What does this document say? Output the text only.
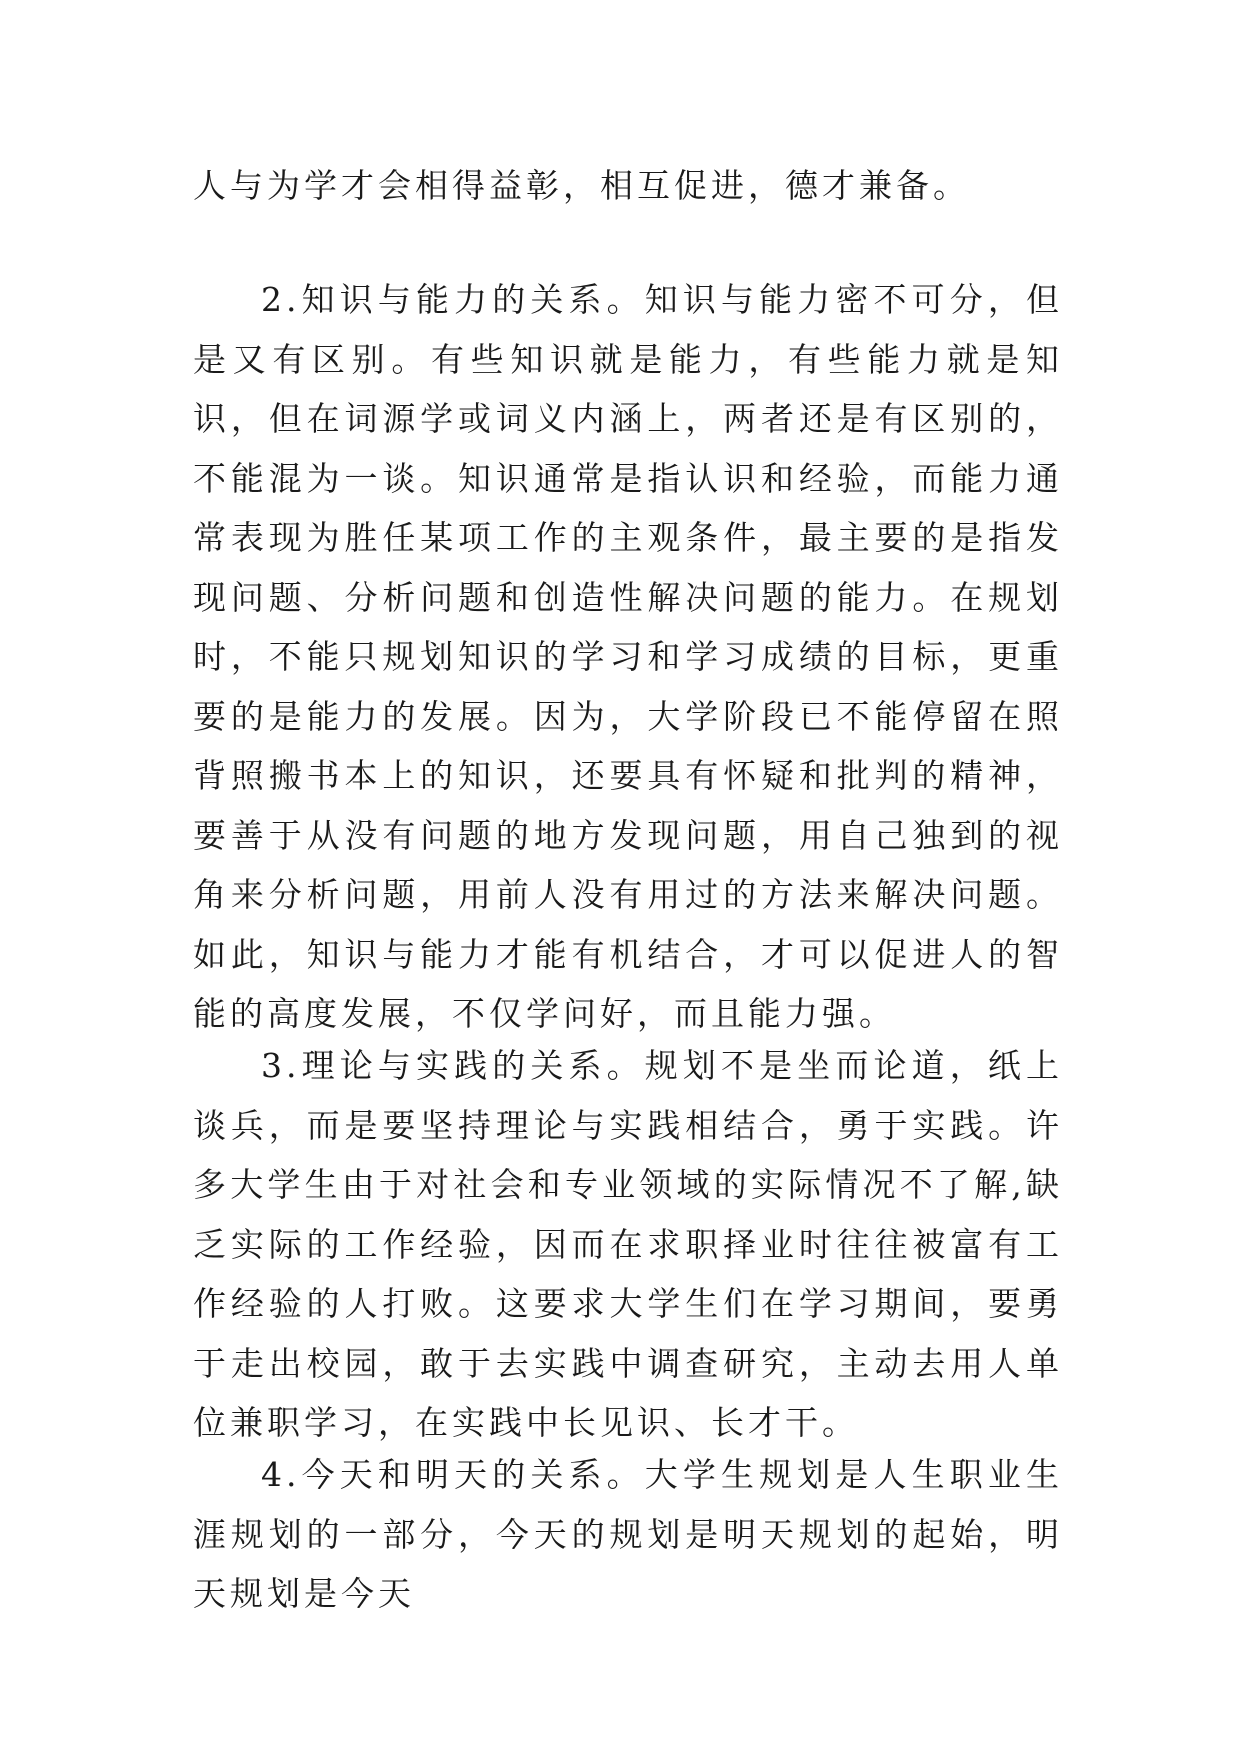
人与为学才会相得益彰，相互促进，德才兼备。

2.知识与能力的关系。知识与能力密不可分，但是又有区别。有些知识就是能力，有些能力就是知识，但在词源学或词义内涵上，两者还是有区别的，不能混为一谈。知识通常是指认识和经验，而能力通常表现为胜任某项工作的主观条件，最主要的是指发现问题、分析问题和创造性解决问题的能力。在规划时，不能只规划知识的学习和学习成绩的目标，更重要的是能力的发展。因为，大学阶段已不能停留在照背照搬书本上的知识，还要具有怀疑和批判的精神，要善于从没有问题的地方发现问题，用自己独到的视角来分析问题，用前人没有用过的方法来解决问题。如此，知识与能力才能有机结合，才可以促进人的智能的高度发展，不仅学问好，而且能力强。

3.理论与实践的关系。规划不是坐而论道，纸上谈兵，而是要坚持理论与实践相结合，勇于实践。许多大学生由于对社会和专业领域的实际情况不了解,缺乏实际的工作经验，因而在求职择业时往往被富有工作经验的人打败。这要求大学生们在学习期间，要勇于走出校园，敢于去实践中调查研究，主动去用人单位兼职学习，在实践中长见识、长才干。

4.今天和明天的关系。大学生规划是人生职业生涯规划的一部分，今天的规划是明天规划的起始，明天规划是今天
